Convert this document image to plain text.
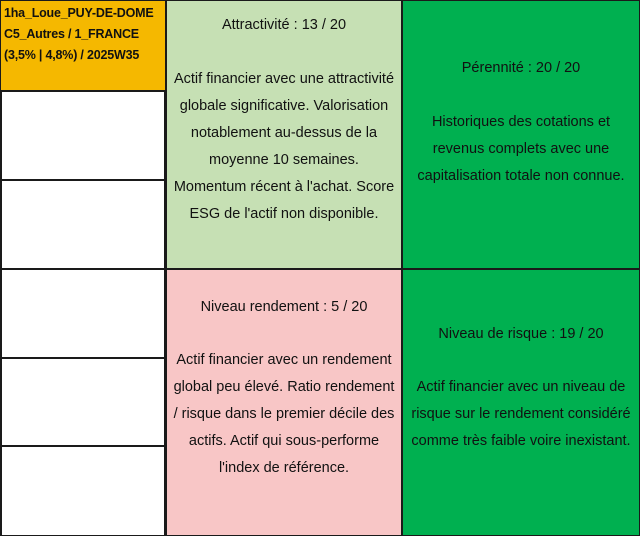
1ha_Loue_PUY-DE-DOME
C5_Autres / 1_FRANCE
(3,5% | 4,8%) / 2025W35

Attractivité : 13 / 20

Actif financier avec une attractivité globale significative. Valorisation notablement au-dessus de la moyenne 10 semaines. Momentum récent à l'achat. Score ESG de l'actif non disponible.

Pérennité : 20 / 20

Historiques des cotations et revenus complets avec une capitalisation totale non connue.

Niveau rendement : 5 / 20

Actif financier avec un rendement global peu élevé. Ratio rendement / risque dans le premier décile des actifs. Actif qui sous-performe l'index de référence.

Niveau de risque : 19 / 20

Actif financier avec un niveau de risque sur le rendement considéré comme très faible voire inexistant.
